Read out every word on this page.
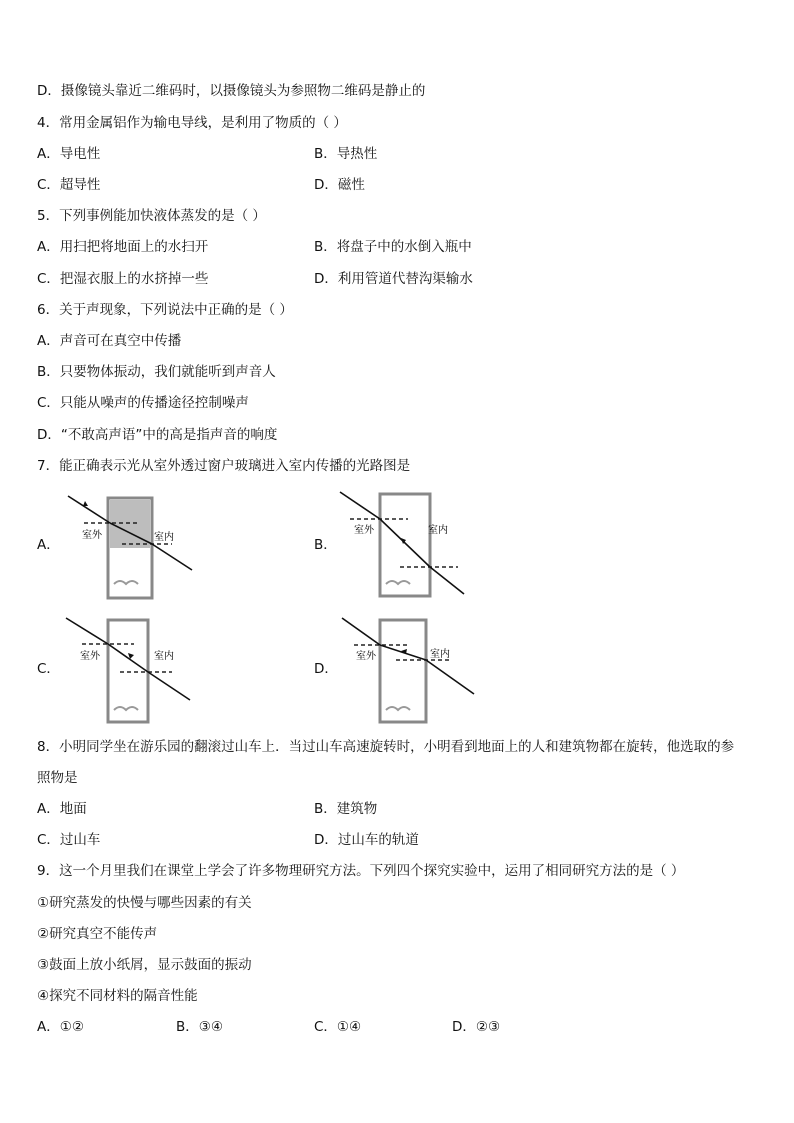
D．摄像镜头靠近二维码时，以摄像镜头为参照物二维码是静止的
4．常用金属铝作为输电导线，是利用了物质的（ ）
A．导电性	B．导热性
C．超导性	D．磁性
5．下列事例能加快液体蒸发的是（ ）
A．用扫把将地面上的水扫开	B．将盘子中的水倒入瓶中
C．把湿衣服上的水挤掉一些	D．利用管道代替沟渠输水
6．关于声现象，下列说法中正确的是（ ）
A．声音可在真空中传播
B．只要物体振动，我们就能听到声音人
C．只能从噪声的传播途径控制噪声
D．“不敢高声语”中的高是指声音的响度
7．能正确表示光从室外透过窗户玻璃进入室内传播的光路图是
A．	B．
C．	D．
室外	室内
室外	室内
室外	室内	室外	室内
8．小明同学坐在游乐园的翻滚过山车上．当过山车高速旋转时，小明看到地面上的人和建筑物都在旋转，他选取的参
照物是
A．地面	B．建筑物
C．过山车	D．过山车的轨道
9．这一个月里我们在课堂上学会了许多物理研究方法。下列四个探究实验中，运用了相同研究方法的是（ ）
①研究蒸发的快慢与哪些因素的有关
②研究真空不能传声
③鼓面上放小纸屑，显示鼓面的振动
④探究不同材料的隔音性能
A．①②	B．③④	C．①④	D．②③
